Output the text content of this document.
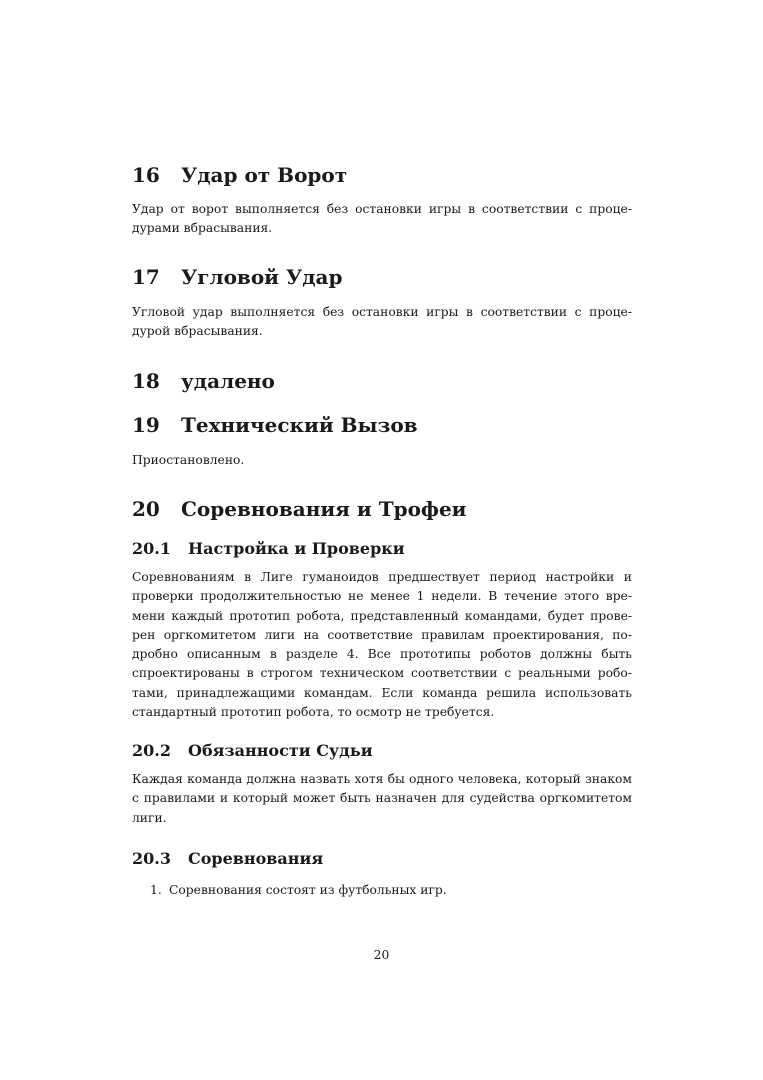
16 Удар от Ворот

Удар от ворот выполняется без остановки игры в соответствии с процедурами вбрасывания.

17 Угловой Удар

Угловой удар выполняется без остановки игры в соответствии с процедурой вбрасывания.

18 удалено
19 Технический Вызов

Приостановлено.

20 Соревнования и Трофеи
20.1 Настройка и Проверки

Соревнованиям в Лиге гуманоидов предшествует период настройки и проверки продолжительностью не менее 1 недели. В течение этого времени каждый прототип робота, представленный командами, будет проверен оргкомитетом лиги на соответствие правилам проектирования, подробно описанным в разделе 4. Все прототипы роботов должны быть спроектированы в строгом техническом соответствии с реальными роботами, принадлежащими командам. Если команда решила использовать стандартный прототип робота, то осмотр не требуется.

20.2 Обязанности Судьи

Каждая команда должна назвать хотя бы одного человека, который знаком с правилами и который может быть назначен для судейства оргкомитетом лиги.

20.3 Соревнования
1. Соревнования состоят из футбольных игр.
20
